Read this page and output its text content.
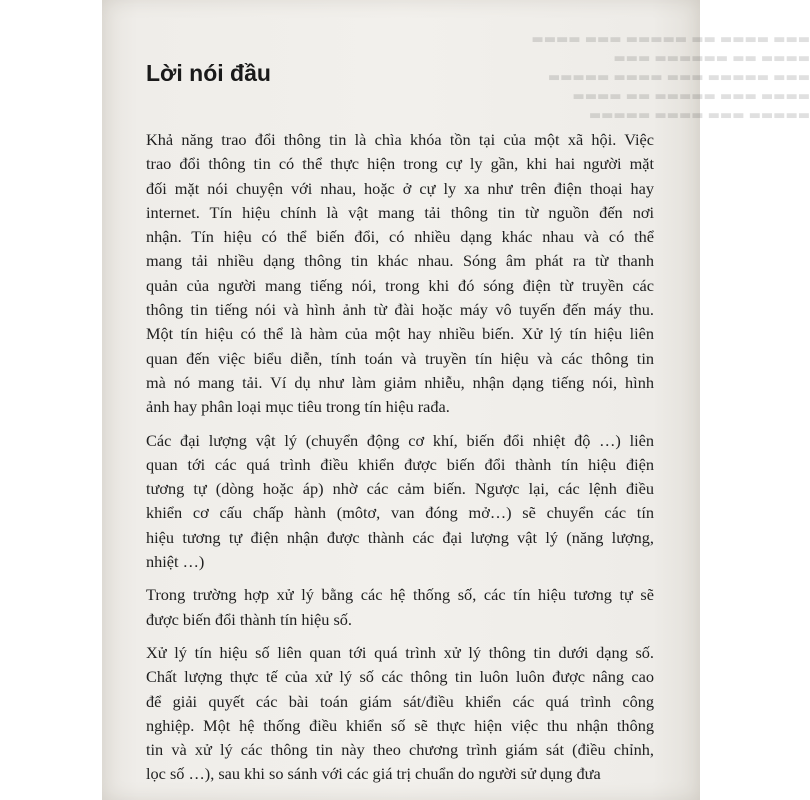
▬▬▬ ▬▬▬▬ ▬▬ ▬▬▬▬▬ ▬▬▬ ▬▬▬▬
▬▬▬▬ ▬▬ ▬▬▬▬▬▬ ▬▬▬
▬▬▬ ▬▬▬▬▬ ▬▬▬ ▬▬▬▬ ▬▬▬▬▬
▬▬▬▬ ▬▬▬ ▬▬▬▬▬ ▬▬ ▬▬▬▬
▬▬▬▬▬ ▬▬▬ ▬▬▬▬ ▬▬▬▬▬
Lời nói đầu
Khả năng trao đổi thông tin là chìa khóa tồn tại của một xã hội. Việc
trao đổi thông tin có thể thực hiện trong cự ly gần, khi hai người mặt
đối mặt nói chuyện với nhau, hoặc ở cự ly xa như trên điện thoại hay
internet. Tín hiệu chính là vật mang tải thông tin từ nguồn đến nơi
nhận. Tín hiệu có thể biến đổi, có nhiều dạng khác nhau và có thể
mang tải nhiều dạng thông tin khác nhau. Sóng âm phát ra từ thanh
quản của người mang tiếng nói, trong khi đó sóng điện từ truyền các
thông tin tiếng nói và hình ảnh từ đài hoặc máy vô tuyến đến máy thu.
Một tín hiệu có thể là hàm của một hay nhiều biến. Xử lý tín hiệu liên
quan đến việc biểu diễn, tính toán và truyền tín hiệu và các thông tin
mà nó mang tải. Ví dụ như làm giảm nhiễu, nhận dạng tiếng nói, hình
ảnh hay phân loại mục tiêu trong tín hiệu rađa.
Các đại lượng vật lý (chuyển động cơ khí, biến đổi nhiệt độ …) liên
quan tới các quá trình điều khiển được biến đổi thành tín hiệu điện
tương tự (dòng hoặc áp) nhờ các cảm biến. Ngược lại, các lệnh điều
khiển cơ cấu chấp hành (môtơ, van đóng mở…) sẽ chuyển các tín
hiệu tương tự điện nhận được thành các đại lượng vật lý (năng lượng,
nhiệt …)
Trong trường hợp xử lý bằng các hệ thống số, các tín hiệu tương tự sẽ
được biến đổi thành tín hiệu số.
Xử lý tín hiệu số liên quan tới quá trình xử lý thông tin dưới dạng số.
Chất lượng thực tế của xử lý số các thông tin luôn luôn được nâng cao
để giải quyết các bài toán giám sát/điều khiển các quá trình công
nghiệp. Một hệ thống điều khiển số sẽ thực hiện việc thu nhận thông
tin và xử lý các thông tin này theo chương trình giám sát (điều chỉnh,
lọc số …), sau khi so sánh với các giá trị chuẩn do người sử dụng đưa
